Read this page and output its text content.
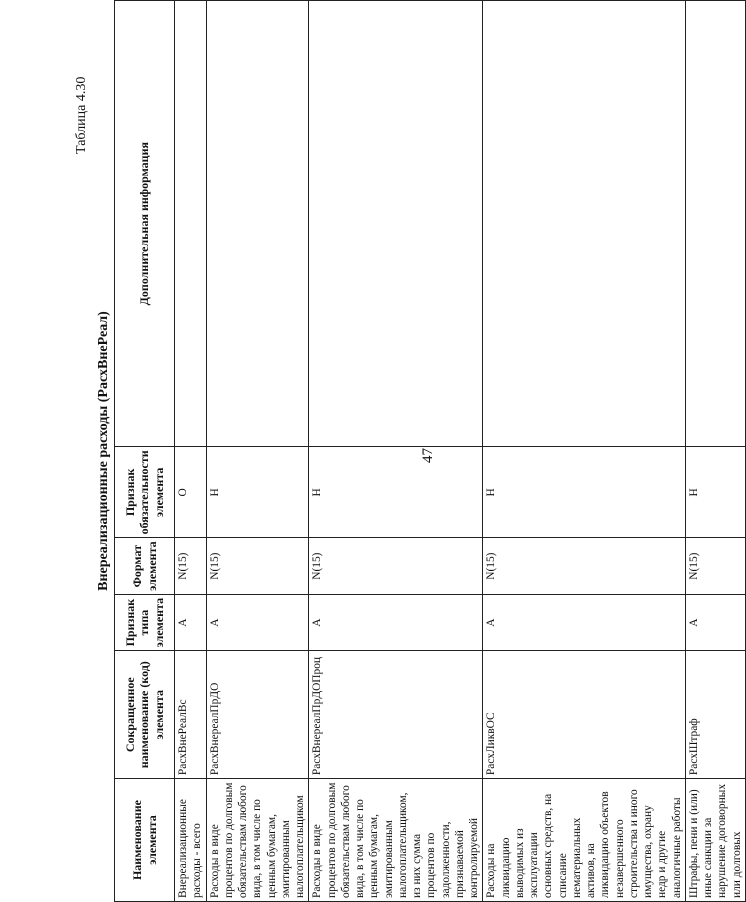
47
Таблица 4.30
Внереализационные расходы (РасхВнеРеал)
Наименование элемента	Сокращенное наименование (код) элемента	Признак типа элемента	Формат элемента	Признак обязательности элемента	Дополнительная информация
Внереализационные расходы - всего	РасхВнеРеалВс	А	N(15)	О	
Расходы в виде процентов по долговым обязательствам любого вида, в том числе по ценным бумагам, эмитированным налогоплательщиком	РасхВнереалПрДО	А	N(15)	Н	
Расходы в виде процентов по долговым обязательствам любого вида, в том числе по ценным бумагам, эмитированным налогоплательщиком, из них сумма процентов по задолженности, признаваемой контролируемой	РасхВнереалПрДОПроц	А	N(15)	Н	
Расходы на ликвидацию выводимых из эксплуатации основных средств, на списание нематериальных активов, на ликвидацию объектов незавершенного строительства и иного имущества, охрану недр и другие аналогичные работы	РасхЛиквОС	А	N(15)	Н	
Штрафы, пени и (или) иные санкции за нарушение договорных или долговых	РасхШтраф	А	N(15)	Н	
